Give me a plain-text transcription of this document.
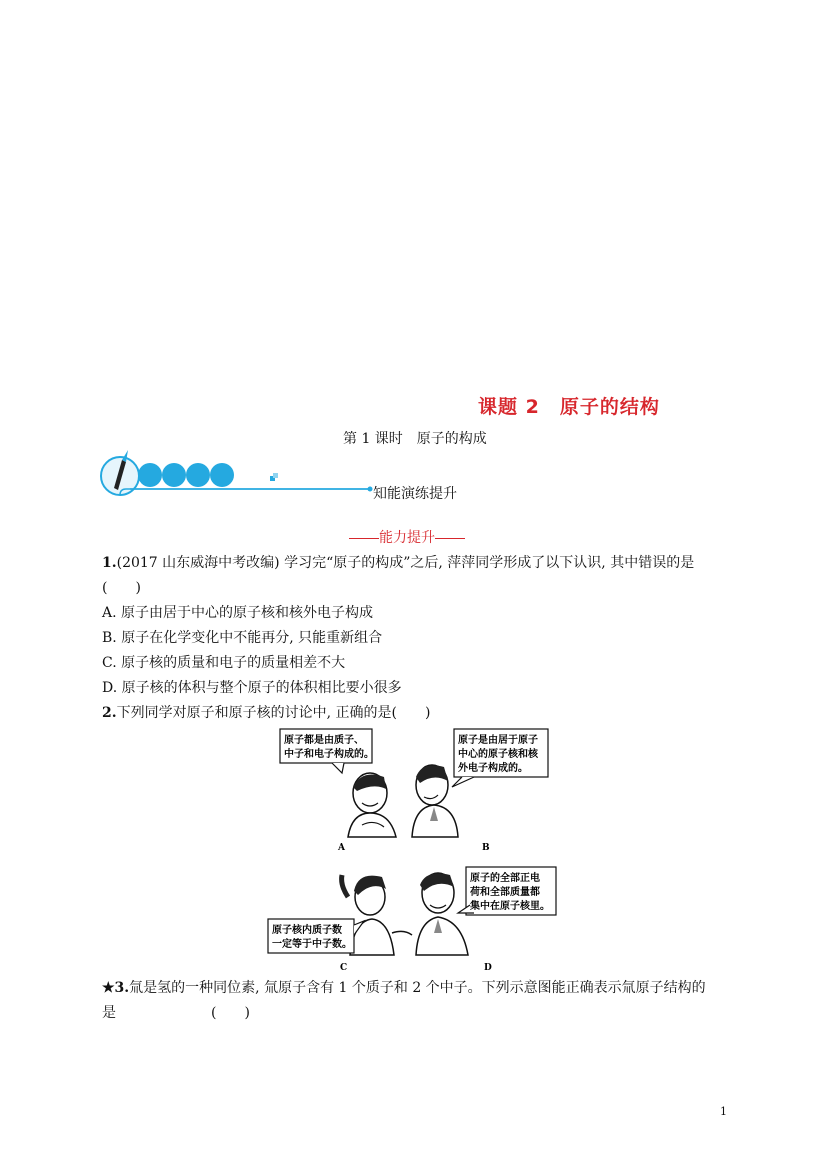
课题 2　原子的结构
第 1 课时　原子的构成
知能演练提升
能力提升
1.(2017 山东威海中考改编) 学习完“原子的构成”之后, 萍萍同学形成了以下认识, 其中错误的是
(　　)
A. 原子由居于中心的原子核和核外电子构成
B. 原子在化学变化中不能再分, 只能重新组合
C. 原子核的质量和电子的质量相差不大
D. 原子核的体积与整个原子的体积相比要小很多
2.下列同学对原子和原子核的讨论中, 正确的是(　　)
原子都是由质子、
中子和电子构成的。
原子是由居于原子
中心的原子核和核
外电子构成的。
A	B
原子的全部正电
荷和全部质量都
集中在原子核里。
原子核内质子数
一定等于中子数。
C	D
★3.氚是氢的一种同位素, 氚原子含有 1 个质子和 2 个中子。下列示意图能正确表示氚原子结构的
是	(　　)
1
